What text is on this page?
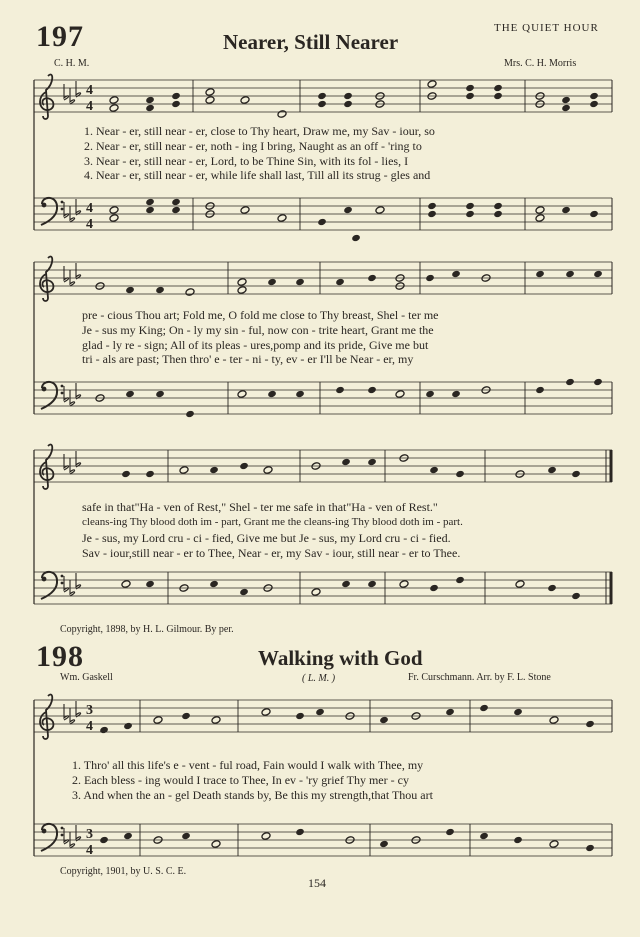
197	Nearer, Still Nearer
THE QUIET HOUR
C. H. M.	Mrs. C. H. Morris
4
4
4
4
3
4
3
4
1. Near - er, still near - er, close to Thy heart, Draw me, my Sav - iour, so
2. Near - er, still near - er, noth - ing I bring, Naught as an off - 'ring to
3. Near - er, still near - er, Lord, to be Thine Sin, with its fol - lies, I
4. Near - er, still near - er, while life shall last, Till all its strug - gles and
pre - cious Thou art; Fold me, O fold me close to Thy breast, Shel - ter me
Je - sus my King; On - ly my sin - ful, now con - trite heart, Grant me the
glad - ly re - sign; All of its pleas - ures,pomp and its pride, Give me but
tri - als are past; Then thro' e - ter - ni - ty, ev - er I'll be Near - er, my
safe in that"Ha - ven of Rest," Shel - ter me safe in that"Ha - ven of Rest."
cleans-ing Thy blood doth im - part, Grant me the cleans-ing Thy blood doth im - part.
Je - sus, my Lord cru - ci - fied, Give me but Je - sus, my Lord cru - ci - fied.
Sav - iour,still near - er to Thee, Near - er, my Sav - iour, still near - er to Thee.
Copyright, 1898, by H. L. Gilmour. By per.
198	Walking with God
Wm. Gaskell	( L. M. )	Fr. Curschmann. Arr. by F. L. Stone
1. Thro' all this life's e - vent - ful road, Fain would I walk with Thee, my
2. Each bless - ing would I trace to Thee, In ev - 'ry grief Thy mer - cy
3. And when the an - gel Death stands by, Be this my strength,that Thou art
Copyright, 1901, by U. S. C. E.
154
